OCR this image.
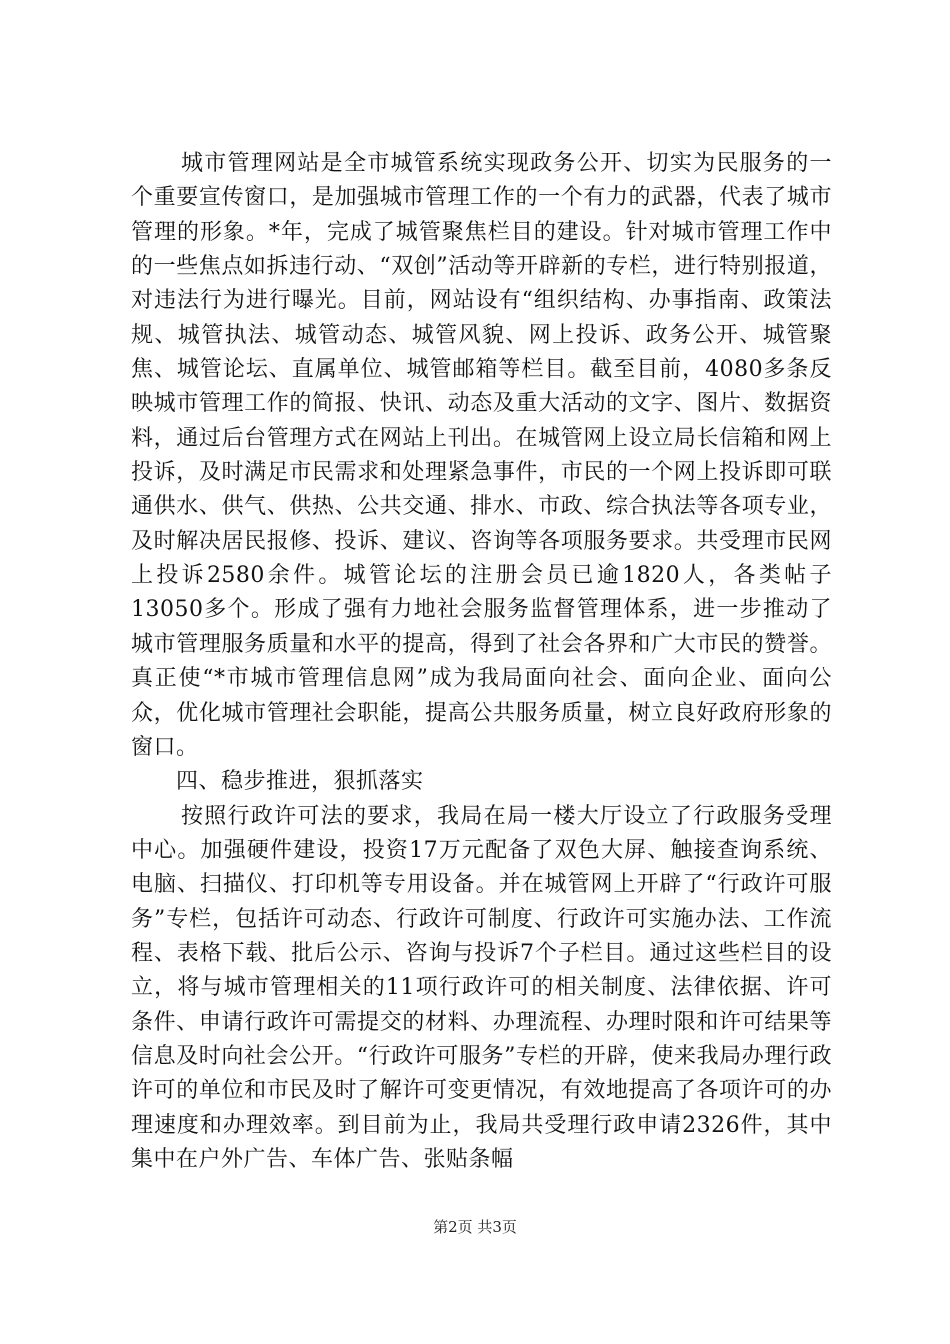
城市管理网站是全市城管系统实现政务公开、切实为民服务的一个重要宣传窗口，是加强城市管理工作的一个有力的武器，代表了城市管理的形象。*年，完成了城管聚焦栏目的建设。针对城市管理工作中的一些焦点如拆违行动、“双创”活动等开辟新的专栏，进行特别报道，对违法行为进行曝光。目前，网站设有“组织结构、办事指南、政策法规、城管执法、城管动态、城管风貌、网上投诉、政务公开、城管聚焦、城管论坛、直属单位、城管邮箱等栏目。截至目前，4080多条反映城市管理工作的简报、快讯、动态及重大活动的文字、图片、数据资料，通过后台管理方式在网站上刊出。在城管网上设立局长信箱和网上投诉，及时满足市民需求和处理紧急事件，市民的一个网上投诉即可联通供水、供气、供热、公共交通、排水、市政、综合执法等各项专业，及时解决居民报修、投诉、建议、咨询等各项服务要求。共受理市民网上投诉2580余件。城管论坛的注册会员已逾1820人，各类帖子13050多个。形成了强有力地社会服务监督管理体系，进一步推动了城市管理服务质量和水平的提高，得到了社会各界和广大市民的赞誉。真正使“*市城市管理信息网”成为我局面向社会、面向企业、面向公众，优化城市管理社会职能，提高公共服务质量，树立良好政府形象的窗口。

四、稳步推进，狠抓落实

按照行政许可法的要求，我局在局一楼大厅设立了行政服务受理中心。加强硬件建设，投资17万元配备了双色大屏、触接查询系统、电脑、扫描仪、打印机等专用设备。并在城管网上开辟了“行政许可服务”专栏，包括许可动态、行政许可制度、行政许可实施办法、工作流程、表格下载、批后公示、咨询与投诉7个子栏目。通过这些栏目的设立，将与城市管理相关的11项行政许可的相关制度、法律依据、许可条件、申请行政许可需提交的材料、办理流程、办理时限和许可结果等信息及时向社会公开。“行政许可服务”专栏的开辟，使来我局办理行政许可的单位和市民及时了解许可变更情况，有效地提高了各项许可的办理速度和办理效率。到目前为止，我局共受理行政申请2326件，其中集中在户外广告、车体广告、张贴条幅

第2页 共3页
